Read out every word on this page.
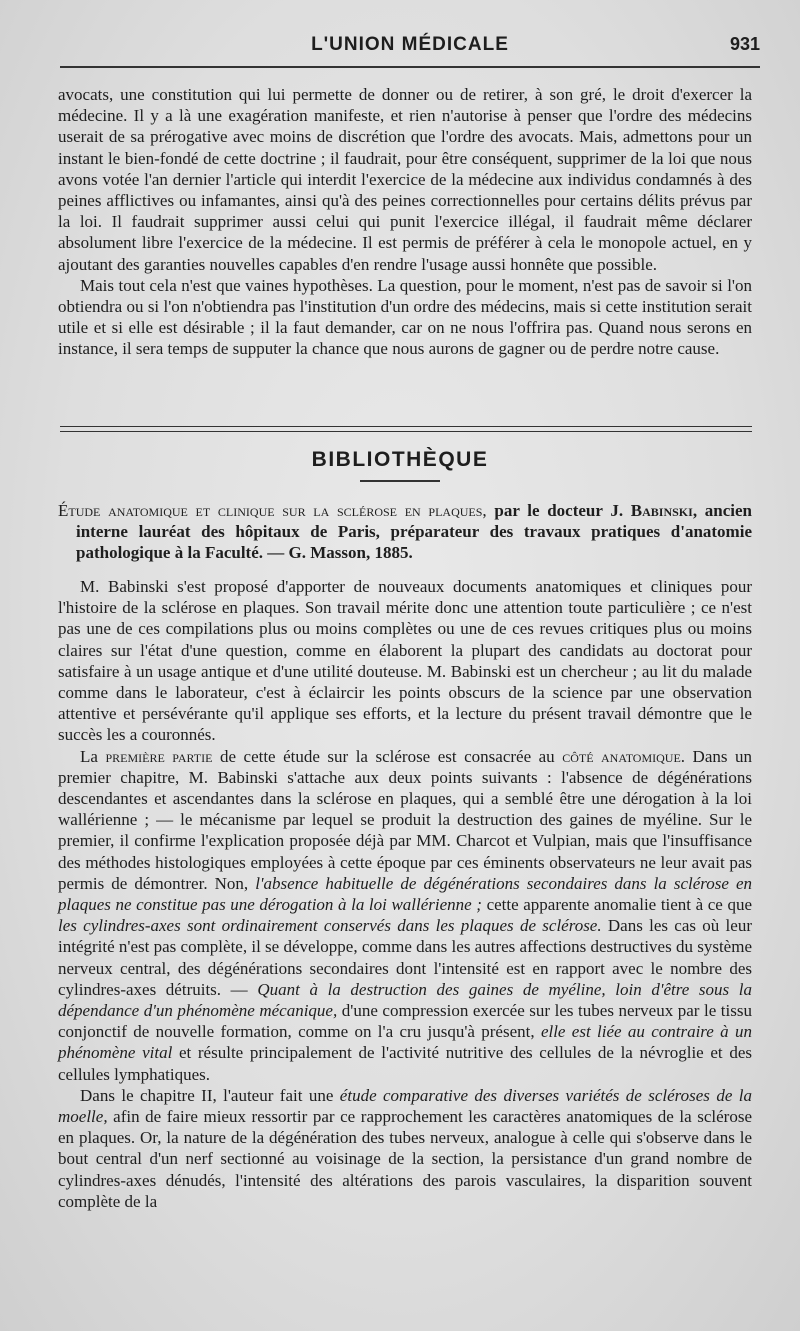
L'UNION MÉDICALE	931

avocats, une constitution qui lui permette de donner ou de retirer, à son gré, le droit d'exercer la médecine. Il y a là une exagération manifeste, et rien n'autorise à penser que l'ordre des médecins userait de sa prérogative avec moins de discrétion que l'ordre des avocats. Mais, admettons pour un instant le bien-fondé de cette doctrine ; il faudrait, pour être conséquent, supprimer de la loi que nous avons votée l'an dernier l'article qui interdit l'exercice de la médecine aux individus condamnés à des peines afflictives ou infamantes, ainsi qu'à des peines correctionnelles pour certains délits prévus par la loi. Il faudrait supprimer aussi celui qui punit l'exercice illégal, il faudrait même déclarer absolument libre l'exercice de la médecine. Il est permis de préférer à cela le monopole actuel, en y ajoutant des garanties nouvelles capables d'en rendre l'usage aussi honnête que possible.

Mais tout cela n'est que vaines hypothèses. La question, pour le moment, n'est pas de savoir si l'on obtiendra ou si l'on n'obtiendra pas l'institution d'un ordre des médecins, mais si cette institution serait utile et si elle est désirable ; il la faut demander, car on ne nous l'offrira pas. Quand nous serons en instance, il sera temps de supputer la chance que nous aurons de gagner ou de perdre notre cause.

BIBLIOTHÈQUE

Étude anatomique et clinique sur la sclérose en plaques, par le docteur J. Babinski, ancien interne lauréat des hôpitaux de Paris, préparateur des travaux pratiques d'anatomie pathologique à la Faculté. — G. Masson, 1885.

M. Babinski s'est proposé d'apporter de nouveaux documents anatomiques et cliniques pour l'histoire de la sclérose en plaques. Son travail mérite donc une attention toute particulière ; ce n'est pas une de ces compilations plus ou moins complètes ou une de ces revues critiques plus ou moins claires sur l'état d'une question, comme en élaborent la plupart des candidats au doctorat pour satisfaire à un usage antique et d'une utilité douteuse. M. Babinski est un chercheur ; au lit du malade comme dans le laborateur, c'est à éclaircir les points obscurs de la science par une observation attentive et persévérante qu'il applique ses efforts, et la lecture du présent travail démontre que le succès les a couronnés.

La première partie de cette étude sur la sclérose est consacrée au côté anatomique. Dans un premier chapitre, M. Babinski s'attache aux deux points suivants : l'absence de dégénérations descendantes et ascendantes dans la sclérose en plaques, qui a semblé être une dérogation à la loi wallérienne ; — le mécanisme par lequel se produit la destruction des gaines de myéline. Sur le premier, il confirme l'explication proposée déjà par MM. Charcot et Vulpian, mais que l'insuffisance des méthodes histologiques employées à cette époque par ces éminents observateurs ne leur avait pas permis de démontrer. Non, l'absence habituelle de dégénérations secondaires dans la sclérose en plaques ne constitue pas une dérogation à la loi wallérienne ; cette apparente anomalie tient à ce que les cylindres-axes sont ordinairement conservés dans les plaques de sclérose. Dans les cas où leur intégrité n'est pas complète, il se développe, comme dans les autres affections destructives du système nerveux central, des dégénérations secondaires dont l'intensité est en rapport avec le nombre des cylindres-axes détruits. — Quant à la destruction des gaines de myéline, loin d'être sous la dépendance d'un phénomène mécanique, d'une compression exercée sur les tubes nerveux par le tissu conjonctif de nouvelle formation, comme on l'a cru jusqu'à présent, elle est liée au contraire à un phénomène vital et résulte principalement de l'activité nutritive des cellules de la névroglie et des cellules lymphatiques.

Dans le chapitre II, l'auteur fait une étude comparative des diverses variétés de scléroses de la moelle, afin de faire mieux ressortir par ce rapprochement les caractères anatomiques de la sclérose en plaques. Or, la nature de la dégénération des tubes nerveux, analogue à celle qui s'observe dans le bout central d'un nerf sectionné au voisinage de la section, la persistance d'un grand nombre de cylindres-axes dénudés, l'intensité des altérations des parois vasculaires, la disparition souvent complète de la
